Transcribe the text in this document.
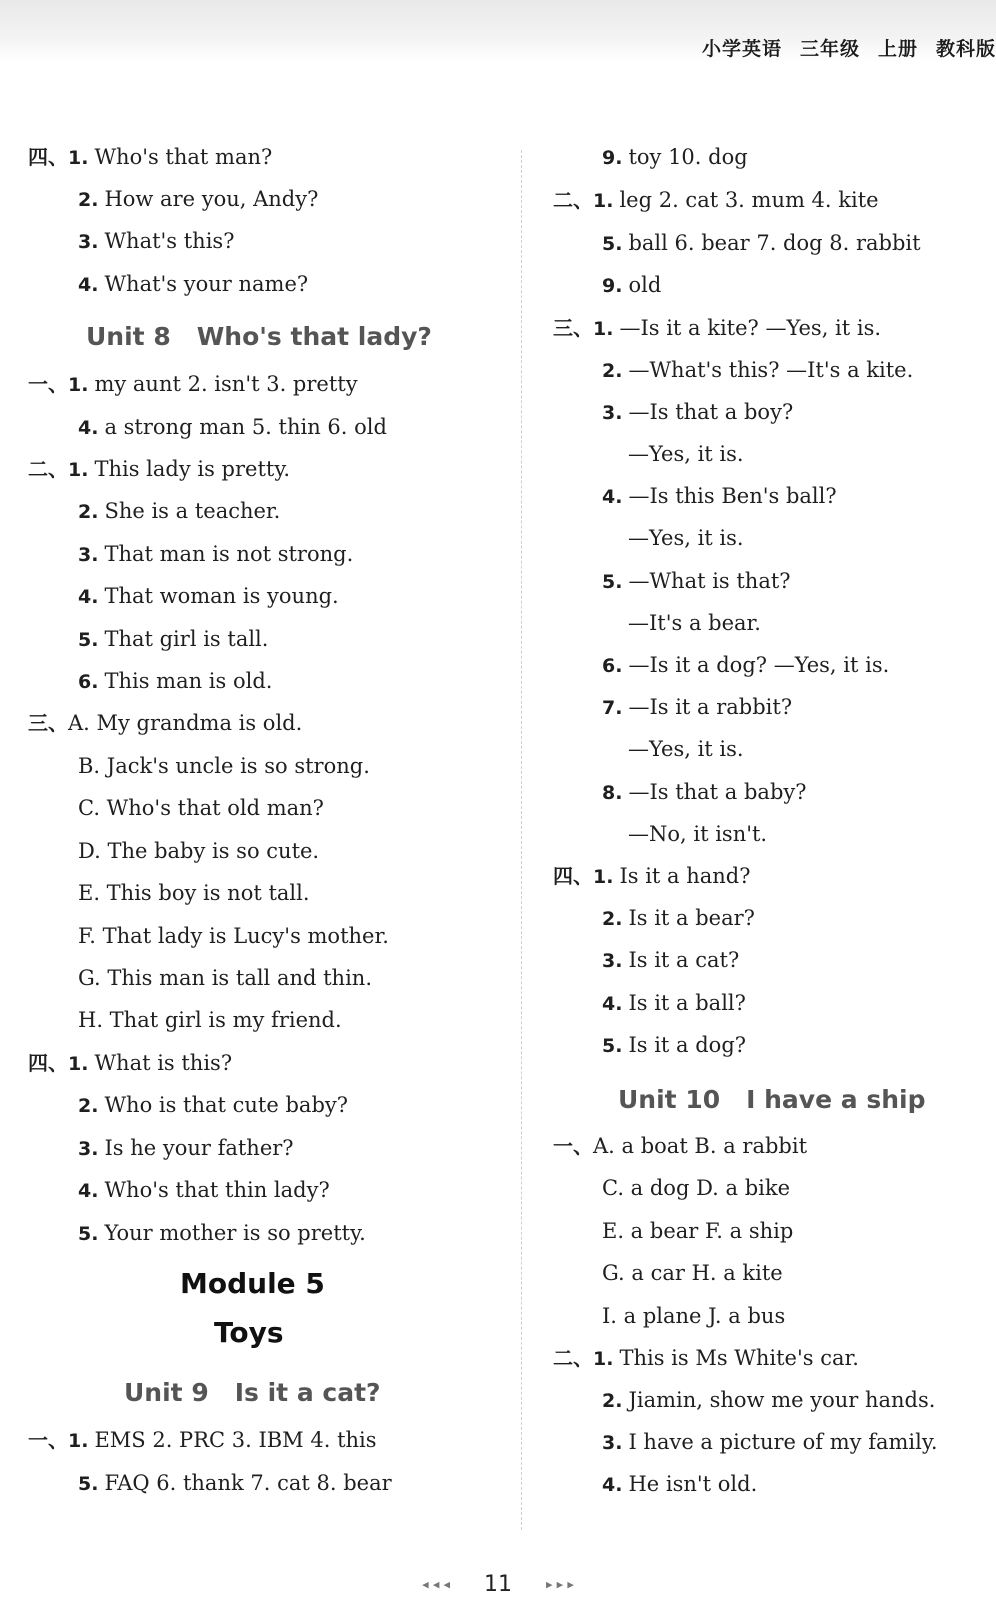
小学英语 三年级 上册 教科版
四、1. Who's that man?
2. How are you, Andy?
3. What's this?
4. What's your name?
一、1. my aunt 2. isn't 3. pretty
4. a strong man 5. thin 6. old
二、1. This lady is pretty.
2. She is a teacher.
3. That man is not strong.
4. That woman is young.
5. That girl is tall.
6. This man is old.
三、A. My grandma is old.
B. Jack's uncle is so strong.
C. Who's that old man?
D. The baby is so cute.
E. This boy is not tall.
F. That lady is Lucy's mother.
G. This man is tall and thin.
H. That girl is my friend.
四、1. What is this?
2. Who is that cute baby?
3. Is he your father?
4. Who's that thin lady?
5. Your mother is so pretty.
一、1. EMS 2. PRC 3. IBM 4. this
5. FAQ 6. thank 7. cat 8. bear
9. toy 10. dog
二、1. leg 2. cat 3. mum 4. kite
5. ball 6. bear 7. dog 8. rabbit
9. old
三、1. —Is it a kite? —Yes, it is.
2. —What's this? —It's a kite.
3. —Is that a boy?
—Yes, it is.
4. —Is this Ben's ball?
—Yes, it is.
5. —What is that?
—It's a bear.
6. —Is it a dog? —Yes, it is.
7. —Is it a rabbit?
—Yes, it is.
8. —Is that a baby?
—No, it isn't.
四、1. Is it a hand?
2. Is it a bear?
3. Is it a cat?
4. Is it a ball?
5. Is it a dog?
一、A. a boat B. a rabbit
C. a dog D. a bike
E. a bear F. a ship
G. a car H. a kite
I. a plane J. a bus
二、1. This is Ms White's car.
2. Jiamin, show me your hands.
3. I have a picture of my family.
4. He isn't old.
Unit 8 Who's that lady?
Module 5
Toys
Unit 9 Is it a cat?
Unit 10 I have a ship
◂ ◂ ◂ 11	▸ ▸ ▸
